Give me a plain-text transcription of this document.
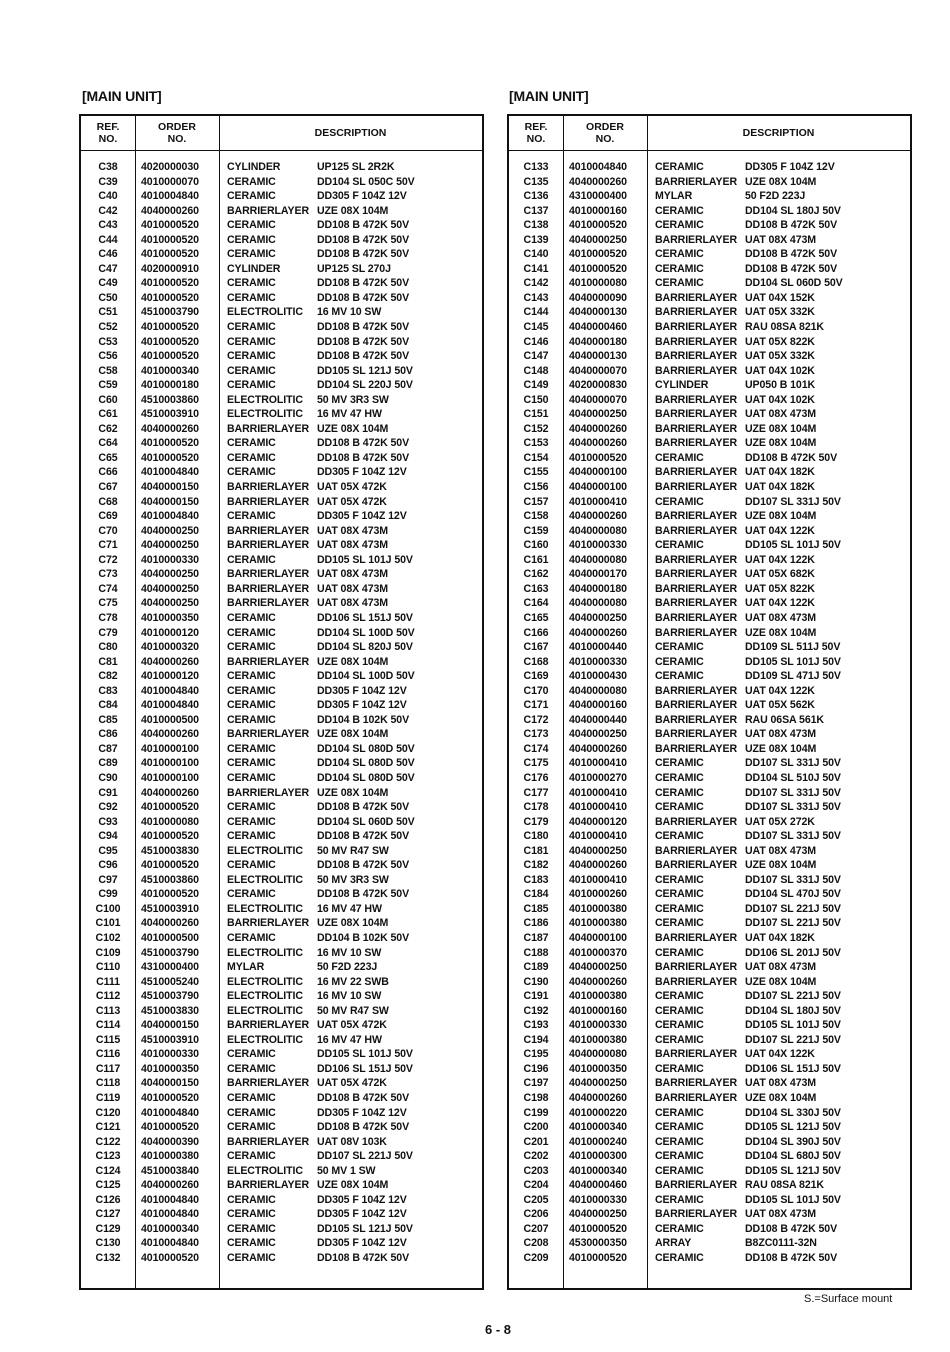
[MAIN UNIT]	[MAIN UNIT]
REF.
NO.
ORDER
NO.	DESCRIPTION
C38	4020000030	CYLINDER	UP125 SL 2R2K
C39	4010000070	CERAMIC	DD104 SL 050C 50V
C40	4010004840	CERAMIC	DD305 F 104Z 12V
C42	4040000260	BARRIERLAYER UZE 08X 104M
C43	4010000520	CERAMIC	DD108 B 472K 50V
C44	4010000520	CERAMIC	DD108 B 472K 50V
C46	4010000520	CERAMIC	DD108 B 472K 50V
C47	4020000910	CYLINDER	UP125 SL 270J
C49	4010000520	CERAMIC	DD108 B 472K 50V
C50	4010000520	CERAMIC	DD108 B 472K 50V
C51	4510003790	ELECTROLITIC 16 MV 10 SW
C52	4010000520	CERAMIC	DD108 B 472K 50V
C53	4010000520	CERAMIC	DD108 B 472K 50V
C56	4010000520	CERAMIC	DD108 B 472K 50V
C58	4010000340	CERAMIC	DD105 SL 121J 50V
C59	4010000180	CERAMIC	DD104 SL 220J 50V
C60	4510003860	ELECTROLITIC 50 MV 3R3 SW
C61	4510003910	ELECTROLITIC 16 MV 47 HW
C62	4040000260	BARRIERLAYER UZE 08X 104M
C64	4010000520	CERAMIC	DD108 B 472K 50V
C65	4010000520	CERAMIC	DD108 B 472K 50V
C66	4010004840	CERAMIC	DD305 F 104Z 12V
C67	4040000150	BARRIERLAYER UAT 05X 472K
C68	4040000150	BARRIERLAYER UAT 05X 472K
C69	4010004840	CERAMIC	DD305 F 104Z 12V
C70	4040000250	BARRIERLAYER UAT 08X 473M
C71	4040000250	BARRIERLAYER UAT 08X 473M
C72	4010000330	CERAMIC	DD105 SL 101J 50V
C73	4040000250	BARRIERLAYER UAT 08X 473M
C74	4040000250	BARRIERLAYER UAT 08X 473M
C75	4040000250	BARRIERLAYER UAT 08X 473M
C78	4010000350	CERAMIC	DD106 SL 151J 50V
C79	4010000120	CERAMIC	DD104 SL 100D 50V
C80	4010000320	CERAMIC	DD104 SL 820J 50V
C81	4040000260	BARRIERLAYER UZE 08X 104M
C82	4010000120	CERAMIC	DD104 SL 100D 50V
C83	4010004840	CERAMIC	DD305 F 104Z 12V
C84	4010004840	CERAMIC	DD305 F 104Z 12V
C85	4010000500	CERAMIC	DD104 B 102K 50V
C86	4040000260	BARRIERLAYER UZE 08X 104M
C87	4010000100	CERAMIC	DD104 SL 080D 50V
C89	4010000100	CERAMIC	DD104 SL 080D 50V
C90	4010000100	CERAMIC	DD104 SL 080D 50V
C91	4040000260	BARRIERLAYER UZE 08X 104M
C92	4010000520	CERAMIC	DD108 B 472K 50V
C93	4010000080	CERAMIC	DD104 SL 060D 50V
C94	4010000520	CERAMIC	DD108 B 472K 50V
C95	4510003830	ELECTROLITIC 50 MV R47 SW
C96	4010000520	CERAMIC	DD108 B 472K 50V
C97	4510003860	ELECTROLITIC 50 MV 3R3 SW
C99	4010000520	CERAMIC	DD108 B 472K 50V
C100	4510003910	ELECTROLITIC 16 MV 47 HW
C101	4040000260	BARRIERLAYER UZE 08X 104M
C102	4010000500	CERAMIC	DD104 B 102K 50V
C109	4510003790	ELECTROLITIC 16 MV 10 SW
C110	4310000400	MYLAR	50 F2D 223J
C111	4510005240	ELECTROLITIC 16 MV 22 SWB
C112	4510003790	ELECTROLITIC 16 MV 10 SW
C113	4510003830	ELECTROLITIC 50 MV R47 SW
C114	4040000150	BARRIERLAYER UAT 05X 472K
C115	4510003910	ELECTROLITIC 16 MV 47 HW
C116	4010000330	CERAMIC	DD105 SL 101J 50V
C117	4010000350	CERAMIC	DD106 SL 151J 50V
C118	4040000150	BARRIERLAYER UAT 05X 472K
C119	4010000520	CERAMIC	DD108 B 472K 50V
C120	4010004840	CERAMIC	DD305 F 104Z 12V
C121	4010000520	CERAMIC	DD108 B 472K 50V
C122	4040000390	BARRIERLAYER UAT 08V 103K
C123	4010000380	CERAMIC	DD107 SL 221J 50V
C124	4510003840	ELECTROLITIC 50 MV 1 SW
C125	4040000260	BARRIERLAYER UZE 08X 104M
C126	4010004840	CERAMIC	DD305 F 104Z 12V
C127	4010004840	CERAMIC	DD305 F 104Z 12V
C129	4010000340	CERAMIC	DD105 SL 121J 50V
C130	4010004840	CERAMIC	DD305 F 104Z 12V
C132	4010000520	CERAMIC	DD108 B 472K 50V
REF.
NO.
ORDER
NO.	DESCRIPTION
C133	4010004840	CERAMIC	DD305 F 104Z 12V
C135	4040000260	BARRIERLAYER UZE 08X 104M
C136	4310000400	MYLAR	50 F2D 223J
C137	4010000160	CERAMIC	DD104 SL 180J 50V
C138	4010000520	CERAMIC	DD108 B 472K 50V
C139	4040000250	BARRIERLAYER UAT 08X 473M
C140	4010000520	CERAMIC	DD108 B 472K 50V
C141	4010000520	CERAMIC	DD108 B 472K 50V
C142	4010000080	CERAMIC	DD104 SL 060D 50V
C143	4040000090	BARRIERLAYER UAT 04X 152K
C144	4040000130	BARRIERLAYER UAT 05X 332K
C145	4040000460	BARRIERLAYER RAU 08SA 821K
C146	4040000180	BARRIERLAYER UAT 05X 822K
C147	4040000130	BARRIERLAYER UAT 05X 332K
C148	4040000070	BARRIERLAYER UAT 04X 102K
C149	4020000830	CYLINDER	UP050 B 101K
C150	4040000070	BARRIERLAYER UAT 04X 102K
C151	4040000250	BARRIERLAYER UAT 08X 473M
C152	4040000260	BARRIERLAYER UZE 08X 104M
C153	4040000260	BARRIERLAYER UZE 08X 104M
C154	4010000520	CERAMIC	DD108 B 472K 50V
C155	4040000100	BARRIERLAYER UAT 04X 182K
C156	4040000100	BARRIERLAYER UAT 04X 182K
C157	4010000410	CERAMIC	DD107 SL 331J 50V
C158	4040000260	BARRIERLAYER UZE 08X 104M
C159	4040000080	BARRIERLAYER UAT 04X 122K
C160	4010000330	CERAMIC	DD105 SL 101J 50V
C161	4040000080	BARRIERLAYER UAT 04X 122K
C162	4040000170	BARRIERLAYER UAT 05X 682K
C163	4040000180	BARRIERLAYER UAT 05X 822K
C164	4040000080	BARRIERLAYER UAT 04X 122K
C165	4040000250	BARRIERLAYER UAT 08X 473M
C166	4040000260	BARRIERLAYER UZE 08X 104M
C167	4010000440	CERAMIC	DD109 SL 511J 50V
C168	4010000330	CERAMIC	DD105 SL 101J 50V
C169	4010000430	CERAMIC	DD109 SL 471J 50V
C170	4040000080	BARRIERLAYER UAT 04X 122K
C171	4040000160	BARRIERLAYER UAT 05X 562K
C172	4040000440	BARRIERLAYER RAU 06SA 561K
C173	4040000250	BARRIERLAYER UAT 08X 473M
C174	4040000260	BARRIERLAYER UZE 08X 104M
C175	4010000410	CERAMIC	DD107 SL 331J 50V
C176	4010000270	CERAMIC	DD104 SL 510J 50V
C177	4010000410	CERAMIC	DD107 SL 331J 50V
C178	4010000410	CERAMIC	DD107 SL 331J 50V
C179	4040000120	BARRIERLAYER UAT 05X 272K
C180	4010000410	CERAMIC	DD107 SL 331J 50V
C181	4040000250	BARRIERLAYER UAT 08X 473M
C182	4040000260	BARRIERLAYER UZE 08X 104M
C183	4010000410	CERAMIC	DD107 SL 331J 50V
C184	4010000260	CERAMIC	DD104 SL 470J 50V
C185	4010000380	CERAMIC	DD107 SL 221J 50V
C186	4010000380	CERAMIC	DD107 SL 221J 50V
C187	4040000100	BARRIERLAYER UAT 04X 182K
C188	4010000370	CERAMIC	DD106 SL 201J 50V
C189	4040000250	BARRIERLAYER UAT 08X 473M
C190	4040000260	BARRIERLAYER UZE 08X 104M
C191	4010000380	CERAMIC	DD107 SL 221J 50V
C192	4010000160	CERAMIC	DD104 SL 180J 50V
C193	4010000330	CERAMIC	DD105 SL 101J 50V
C194	4010000380	CERAMIC	DD107 SL 221J 50V
C195	4040000080	BARRIERLAYER UAT 04X 122K
C196	4010000350	CERAMIC	DD106 SL 151J 50V
C197	4040000250	BARRIERLAYER UAT 08X 473M
C198	4040000260	BARRIERLAYER UZE 08X 104M
C199	4010000220	CERAMIC	DD104 SL 330J 50V
C200	4010000340	CERAMIC	DD105 SL 121J 50V
C201	4010000240	CERAMIC	DD104 SL 390J 50V
C202	4010000300	CERAMIC	DD104 SL 680J 50V
C203	4010000340	CERAMIC	DD105 SL 121J 50V
C204	4040000460	BARRIERLAYER RAU 08SA 821K
C205	4010000330	CERAMIC	DD105 SL 101J 50V
C206	4040000250	BARRIERLAYER UAT 08X 473M
C207	4010000520	CERAMIC	DD108 B 472K 50V
C208	4530000350	ARRAY	B8ZC0111-32N
C209	4010000520	CERAMIC	DD108 B 472K 50V
S.=Surface mount
6 - 8
